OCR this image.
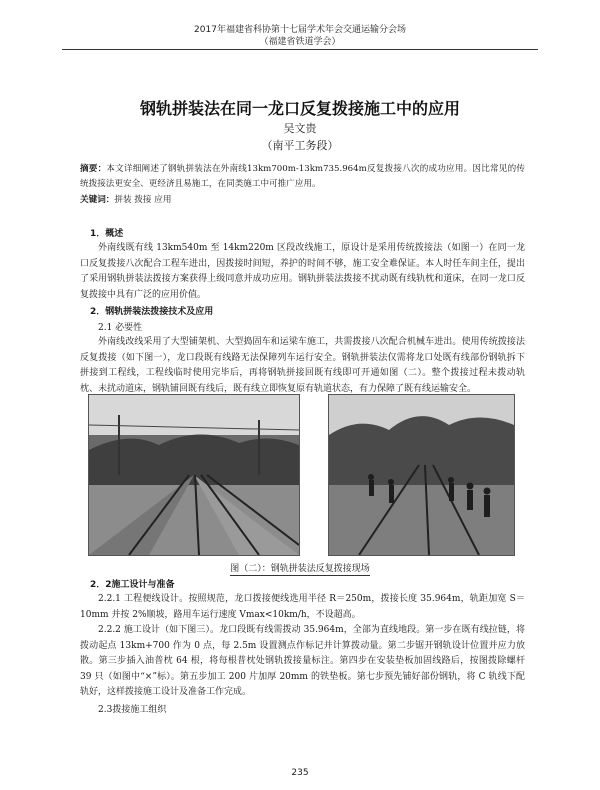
2017年福建省科协第十七届学术年会交通运输分会场
（福建省铁道学会）
钢轨拼装法在同一龙口反复拨接施工中的应用
吴文贵
（南平工务段）
摘要：本文详细阐述了钢轨拼装法在外南线13km700m-13km735.964m反复拨接八次的成功应用。因比常见的传统拨接法更安全、更经济且易施工，在同类施工中可推广应用。
关键词：拼装 拨接 应用
1．概述
外南线既有线 13km540m 至 14km220m 区段改线施工，原设计是采用传统拨接法（如图一）在同一龙口反复拨接八次配合工程车进出，因拨接时间短，养护的时间不够，施工安全难保证。本人时任车间主任，提出了采用钢轨拼装法拨接方案获得上级同意并成功应用。钢轨拼装法拨接不扰动既有线轨枕和道床，在同一龙口反复拨接中具有广泛的应用价值。
2．钢轨拼装法拨接技术及应用
2.1 必要性
外南线改线采用了大型铺架机、大型捣固车和运梁车施工，共需拨接八次配合机械车进出。使用传统拨接法反复拨接（如下图一），龙口段既有线路无法保障列车运行安全。钢轨拼装法仅需将龙口处既有线部份钢轨拆下拼接到工程线，工程线临时使用完毕后，再将钢轨拼接回既有线即可开通如图（二）。整个拨接过程未拨动轨枕、未扰动道床，钢轨铺回既有线后，既有线立即恢复原有轨道状态，有力保障了既有线运输安全。
图（二）：钢轨拼装法反复拨接现场
2．2施工设计与准备
2.2.1 工程便线设计。按照规范，龙口拨接便线选用半径 R＝250m，拨接长度 35.964m，轨距加宽 S＝10mm 并按 2%顺坡，路用车运行速度 Vmax<10km/h，不设超高。
2.2.2 施工设计（如下图三）。龙口段既有线需拨动 35.964m，全部为直线地段。第一步在既有线拉链，将拨动起点 13km+700 作为 0 点，每 2.5m 设置测点作标记并计算拨动量。第二步锯开钢轨设计位置并应力放散。第三步插入油普枕 64 根，将每根普枕处钢轨拨接量标注。第四步在安装垫板加固线路后，按图拨除螺杆 39 只（如图中“×”标）。第五步加工 200 片加厚 20mm 的铁垫板。第七步预先铺好部份钢轨，将 C 轨线下配轨好，这样拨接施工设计及准备工作完成。
2.3拨接施工组织
235
